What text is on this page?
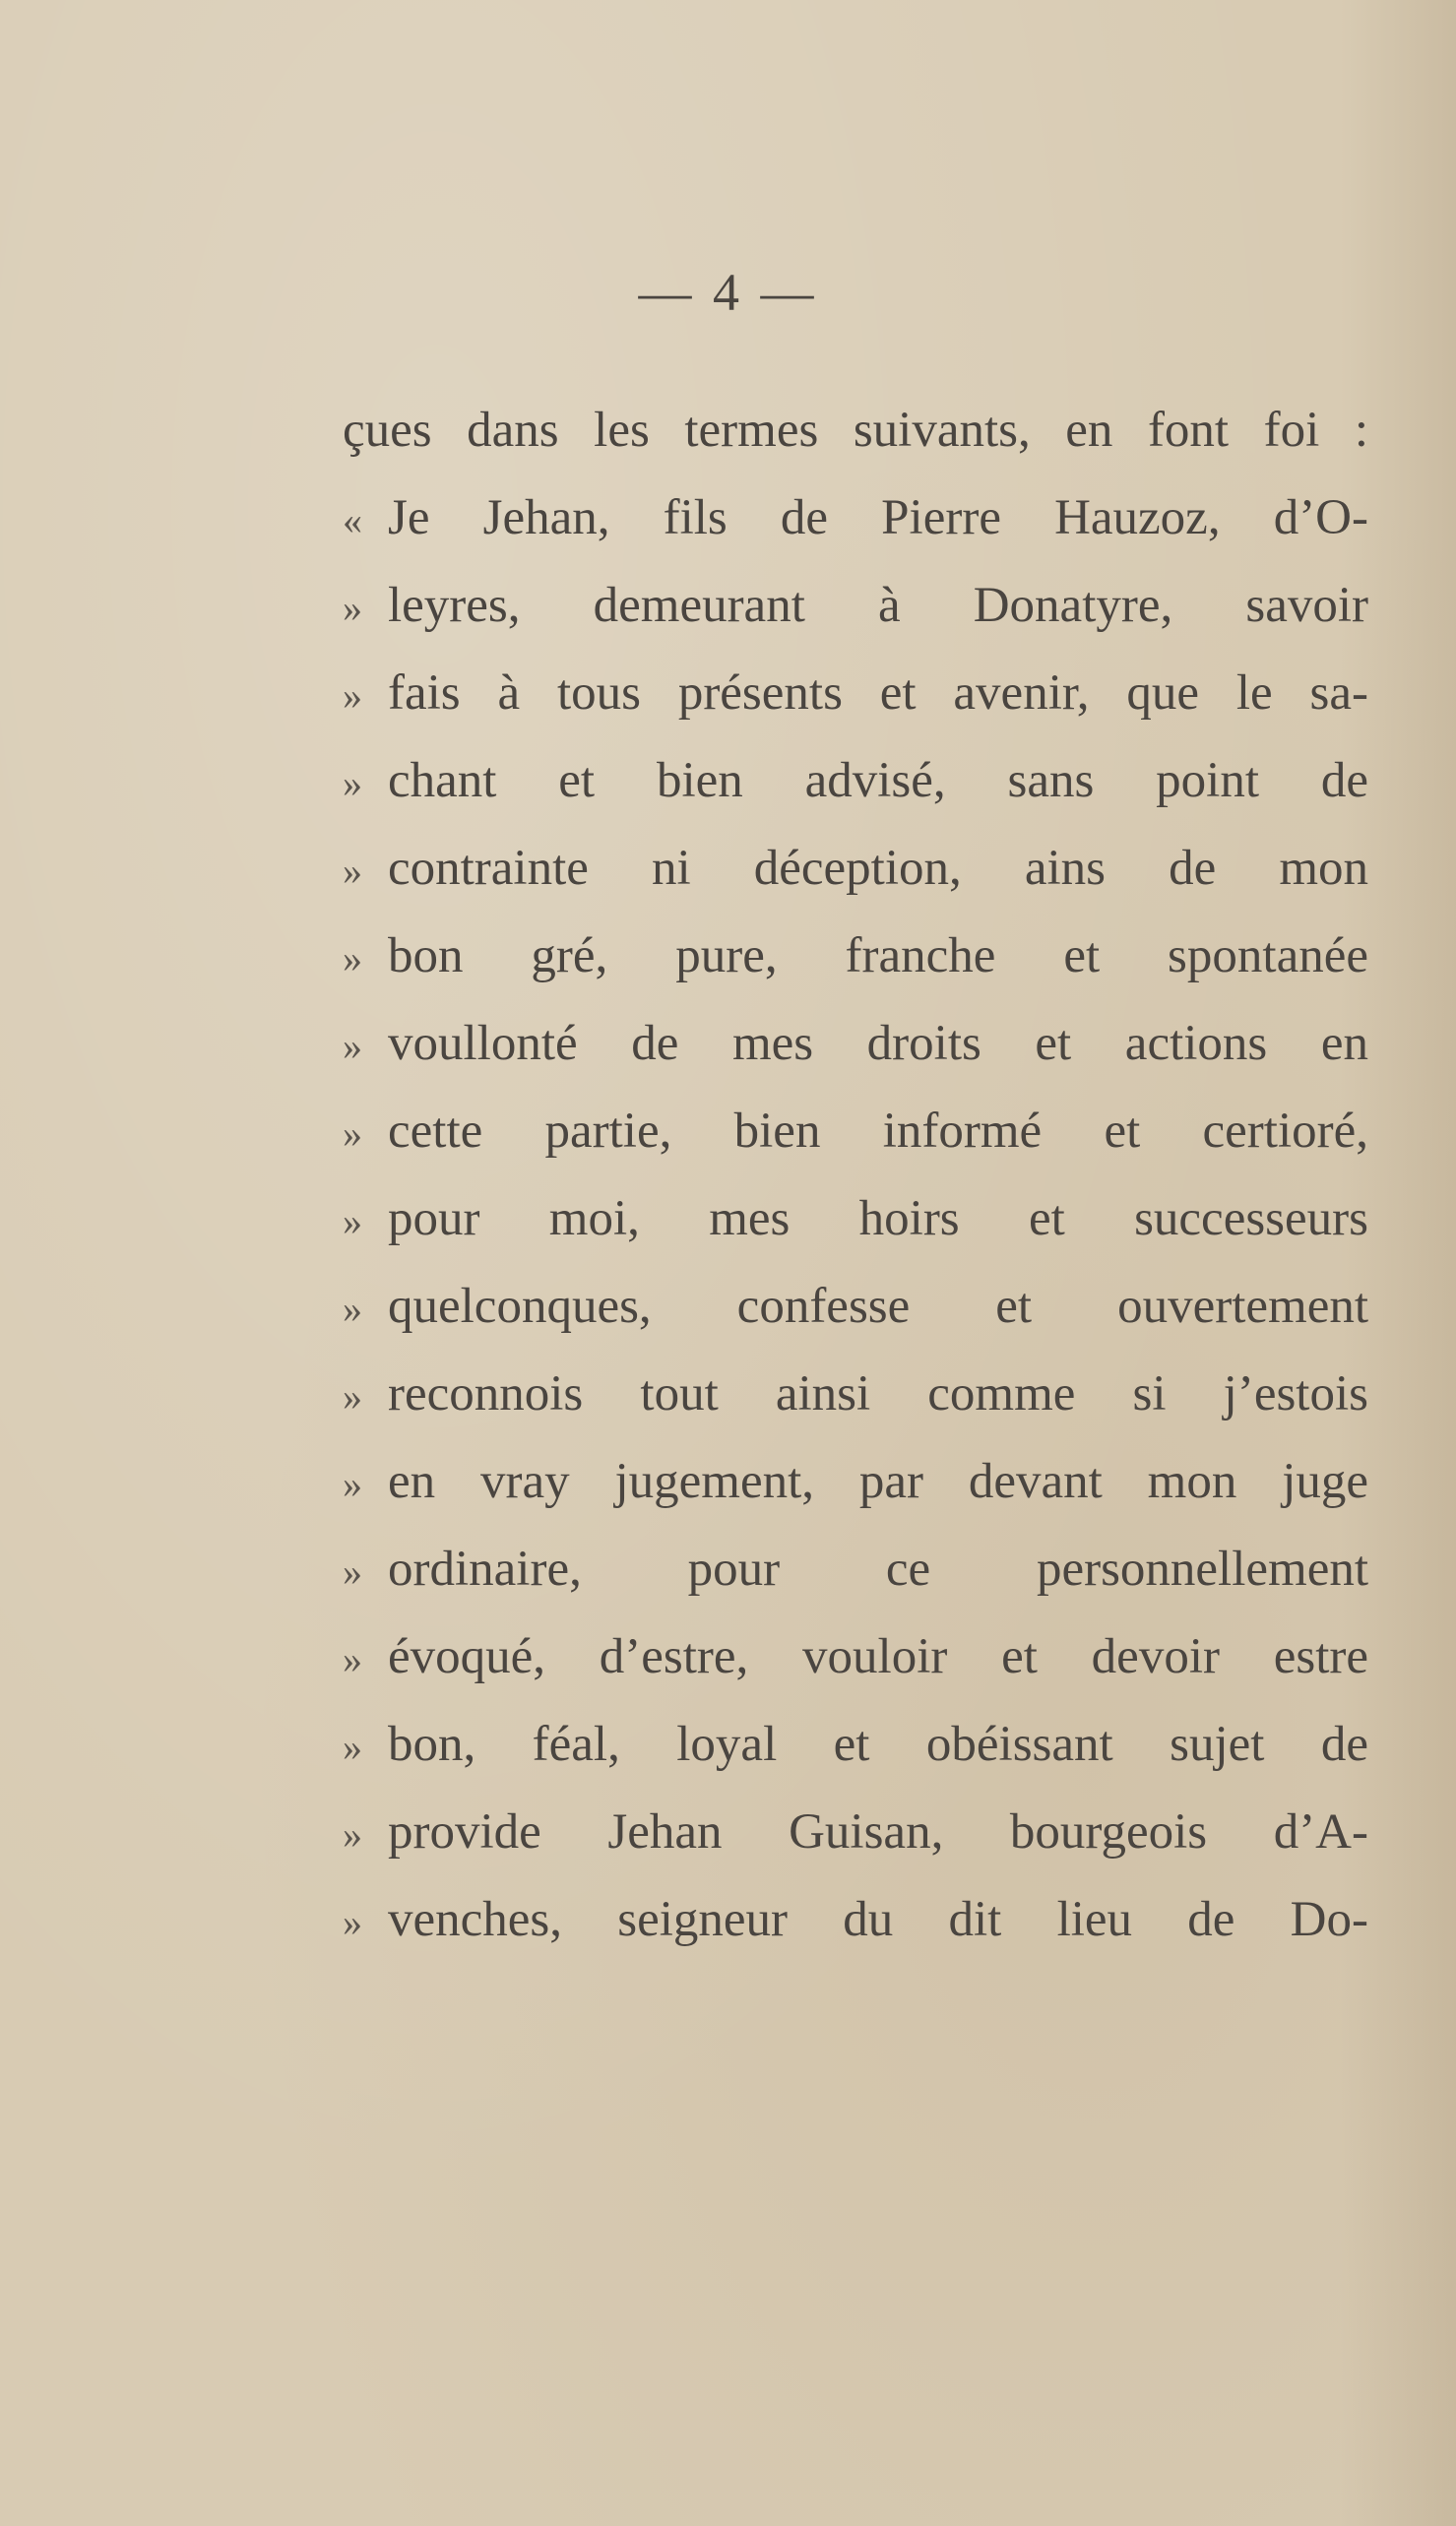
— 4 —
çues dans les termes suivants, en font foi :
« Je Jehan, fils de Pierre Hauzoz, d’O-
» leyres, demeurant à Donatyre, savoir
» fais à tous présents et avenir, que le sa-
» chant et bien advisé, sans point de
» contrainte ni déception, ains de mon
» bon gré, pure, franche et spontanée
» voullonté de mes droits et actions en
» cette partie, bien informé et certioré,
» pour moi, mes hoirs et successeurs
» quelconques, confesse et ouvertement
» reconnois tout ainsi comme si j’estois
» en vray jugement, par devant mon juge
» ordinaire, pour ce personnellement
» évoqué, d’estre, vouloir et devoir estre
» bon, féal, loyal et obéissant sujet de
» provide Jehan Guisan, bourgeois d’A-
» venches, seigneur du dit lieu de Do-
